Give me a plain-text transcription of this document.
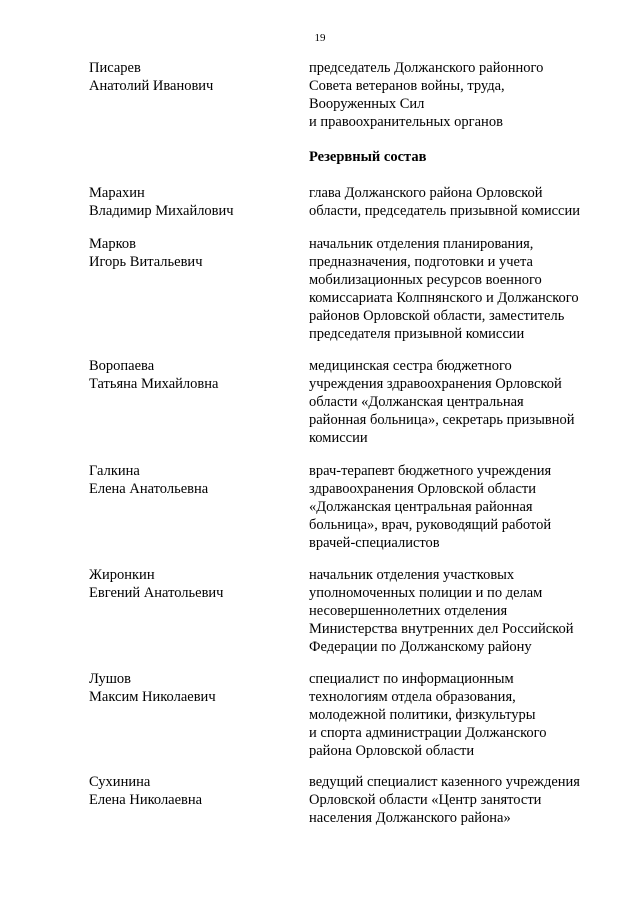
19
Писарев
Анатолий Иванович
председатель Должанского районного
Совета ветеранов войны, труда,
Вооруженных Сил
и правоохранительных органов
Резервный состав
Марахин
Владимир Михайлович
глава Должанского района Орловской
области, председатель призывной комиссии
Марков
Игорь Витальевич
начальник отделения планирования,
предназначения, подготовки и учета
мобилизационных ресурсов военного
комиссариата Колпнянского и Должанского
районов Орловской области, заместитель
председателя призывной комиссии
Воропаева
Татьяна Михайловна
медицинская сестра бюджетного
учреждения здравоохранения Орловской
области «Должанская центральная
районная больница», секретарь призывной
комиссии
Галкина
Елена Анатольевна
врач-терапевт бюджетного учреждения
здравоохранения Орловской области
«Должанская центральная районная
больница», врач, руководящий работой
врачей-специалистов
Жиронкин
Евгений Анатольевич
начальник отделения участковых
уполномоченных полиции и по делам
несовершеннолетних отделения
Министерства внутренних дел Российской
Федерации по Должанскому району
Лушов
Максим Николаевич
специалист по информационным
технологиям отдела образования,
молодежной политики, физкультуры
и спорта администрации Должанского
района Орловской области
Сухинина
Елена Николаевна
ведущий специалист казенного учреждения
Орловской области «Центр занятости
населения Должанского района»
